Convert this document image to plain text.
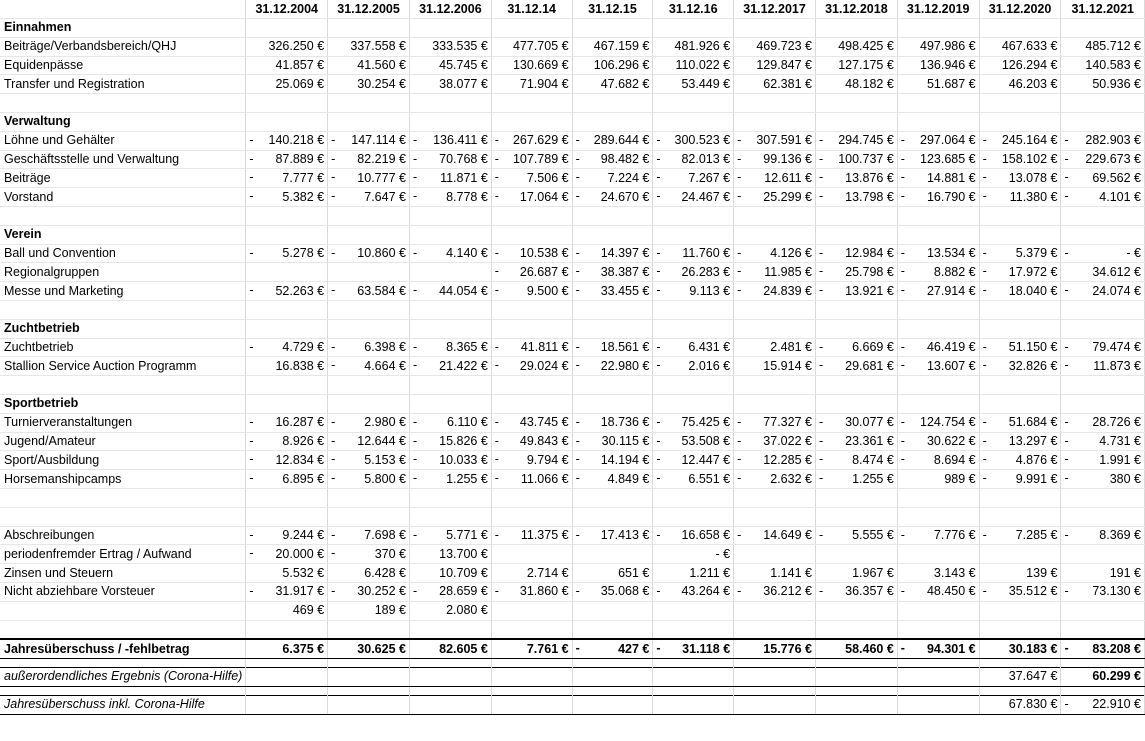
	31.12.2004	31.12.2005	31.12.2006	31.12.14	31.12.15	31.12.16	31.12.2017	31.12.2018	31.12.2019	31.12.2020	31.12.2021
Einnahmen											
Beiträge/Verbandsbereich/QHJ	326.250 €	337.558 €	333.535 €	477.705 €	467.159 €	481.926 €	469.723 €	498.425 €	497.986 €	467.633 €	485.712 €
Equidenpässe	41.857 €	41.560 €	45.745 €	130.669 €	106.296 €	110.022 €	129.847 €	127.175 €	136.946 €	126.294 €	140.583 €
Transfer und Registration	25.069 €	30.254 €	38.077 €	71.904 €	47.682 €	53.449 €	62.381 €	48.182 €	51.687 €	46.203 €	50.936 €

Verwaltung											
Löhne und Gehälter	- 140.218 €	- 147.114 €	- 136.411 €	- 267.629 €	- 289.644 €	- 300.523 €	- 307.591 €	- 294.745 €	- 297.064 €	- 245.164 €	- 282.903 €
Geschäftsstelle und Verwaltung	- 87.889 €	- 82.219 €	- 70.768 €	- 107.789 €	- 98.482 €	- 82.013 €	- 99.136 €	- 100.737 €	- 123.685 €	- 158.102 €	- 229.673 €
Beiträge	- 7.777 €	- 10.777 €	- 11.871 €	- 7.506 €	- 7.224 €	- 7.267 €	- 12.611 €	- 13.876 €	- 14.881 €	- 13.078 €	- 69.562 €
Vorstand	- 5.382 €	- 7.647 €	- 8.778 €	- 17.064 €	- 24.670 €	- 24.467 €	- 25.299 €	- 13.798 €	- 16.790 €	- 11.380 €	- 4.101 €

Verein											
Ball und Convention	- 5.278 €	- 10.860 €	- 4.140 €	- 10.538 €	- 14.397 €	- 11.760 €	- 4.126 €	- 12.984 €	- 13.534 €	- 5.379 €	- - €
Regionalgruppen				- 26.687 €	- 38.387 €	- 26.283 €	- 11.985 €	- 25.798 €	- 8.882 €	- 17.972 €	34.612 €
Messe und Marketing	- 52.263 €	- 63.584 €	- 44.054 €	- 9.500 €	- 33.455 €	- 9.113 €	- 24.839 €	- 13.921 €	- 27.914 €	- 18.040 €	- 24.074 €

Zuchtbetrieb											
Zuchtbetrieb	- 4.729 €	- 6.398 €	- 8.365 €	- 41.811 €	- 18.561 €	- 6.431 €	2.481 €	- 6.669 €	- 46.419 €	- 51.150 €	- 79.474 €
Stallion Service Auction Programm	16.838 €	- 4.664 €	- 21.422 €	- 29.024 €	- 22.980 €	- 2.016 €	15.914 €	- 29.681 €	- 13.607 €	- 32.826 €	- 11.873 €

Sportbetrieb											
Turnierveranstaltungen	- 16.287 €	- 2.980 €	- 6.110 €	- 43.745 €	- 18.736 €	- 75.425 €	- 77.327 €	- 30.077 €	- 124.754 €	- 51.684 €	- 28.726 €
Jugend/Amateur	- 8.926 €	- 12.644 €	- 15.826 €	- 49.843 €	- 30.115 €	- 53.508 €	- 37.022 €	- 23.361 €	- 30.622 €	- 13.297 €	- 4.731 €
Sport/Ausbildung	- 12.834 €	- 5.153 €	- 10.033 €	- 9.794 €	- 14.194 €	- 12.447 €	- 12.285 €	- 8.474 €	- 8.694 €	- 4.876 €	- 1.991 €
Horsemanshipcamps	- 6.895 €	- 5.800 €	- 1.255 €	- 11.066 €	- 4.849 €	- 6.551 €	- 2.632 €	- 1.255 €	989 €	- 9.991 €	- 380 €

Abschreibungen	- 9.244 €	- 7.698 €	- 5.771 €	- 11.375 €	- 17.413 €	- 16.658 €	- 14.649 €	- 5.555 €	- 7.776 €	- 7.285 €	- 8.369 €
periodenfremder Ertrag / Aufwand	- 20.000 €	- 370 €	13.700 €			- €					
Zinsen und Steuern	5.532 €	6.428 €	10.709 €	2.714 €	651 €	1.211 €	1.141 €	1.967 €	3.143 €	139 €	191 €
Nicht abziehbare Vorsteuer	- 31.917 €	- 30.252 €	- 28.659 €	- 31.860 €	- 35.068 €	- 43.264 €	- 36.212 €	- 36.357 €	- 48.450 €	- 35.512 €	- 73.130 €
	469 €	189 €	2.080 €								

Jahresüberschuss / -fehlbetrag	6.375 €	30.625 €	82.605 €	7.761 €	- 427 €	- 31.118 €	15.776 €	58.460 €	- 94.301 €	30.183 €	- 83.208 €

außerordendliches Ergebnis (Corona-Hilfe)										37.647 €	60.299 €

Jahresüberschuss inkl. Corona-Hilfe										67.830 €	- 22.910 €
